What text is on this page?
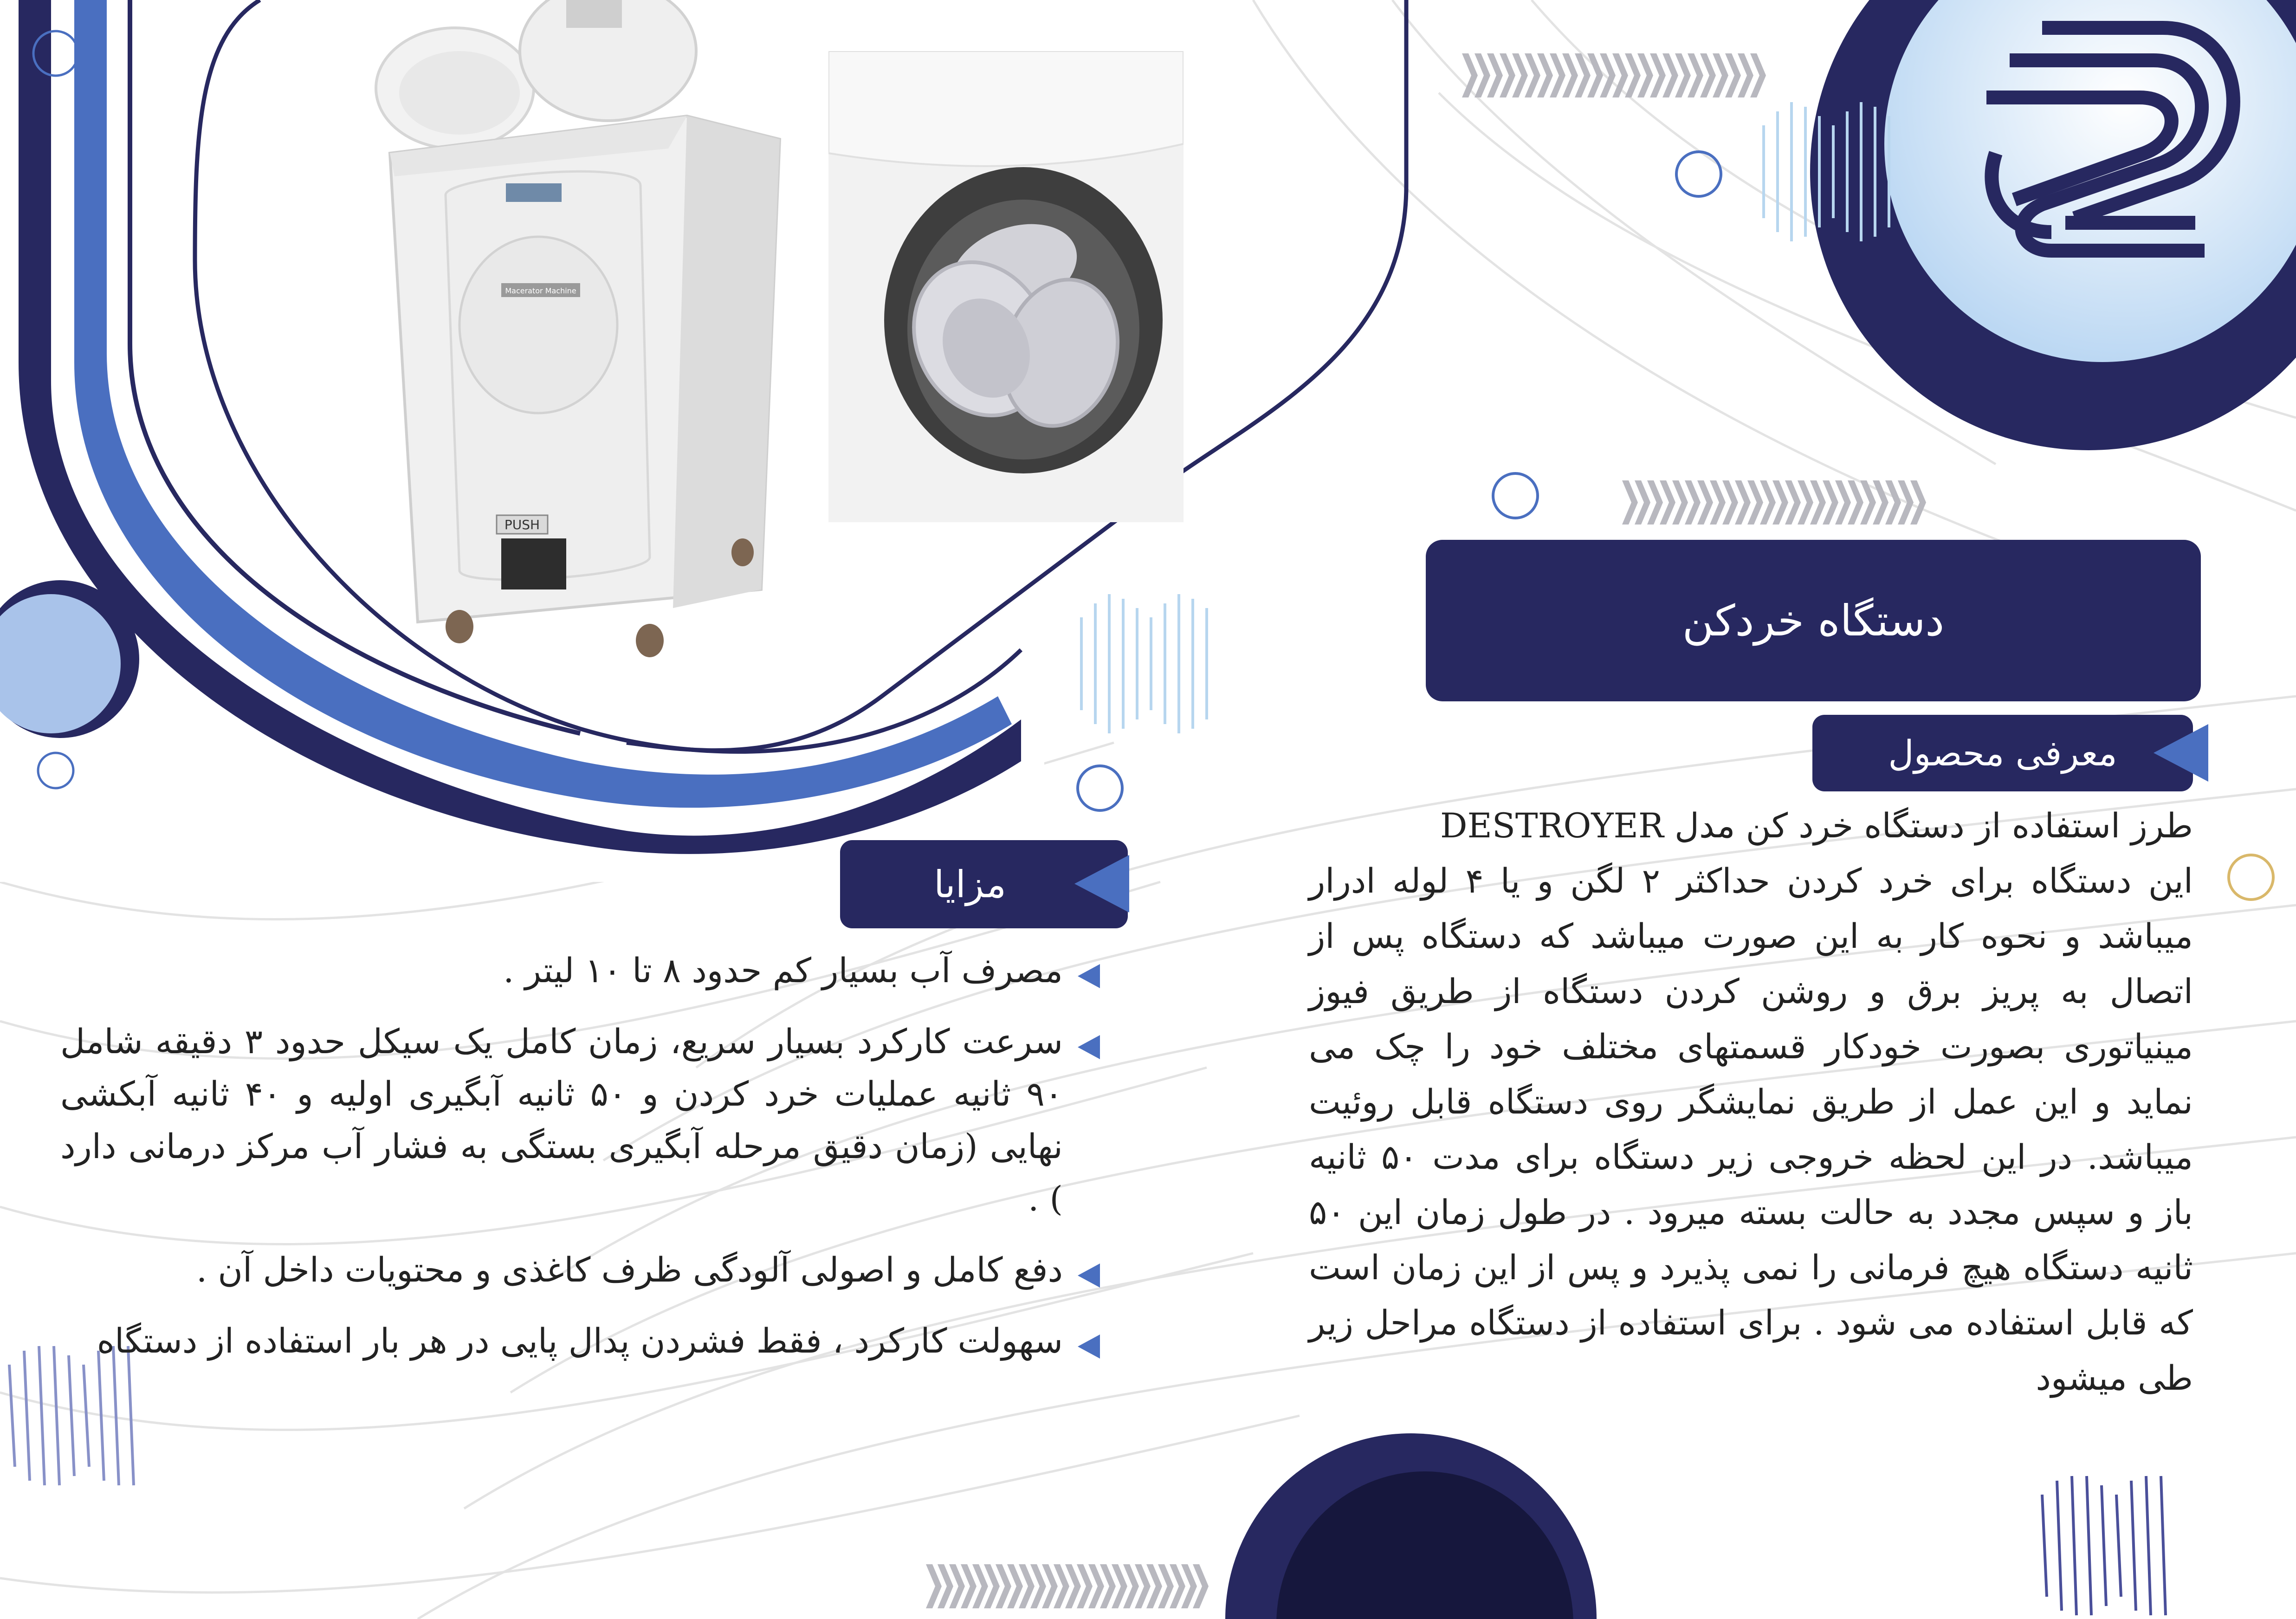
Macerator Machine
PUSH
دستگاه خردکن
معرفی محصول

طرز استفاده از دستگاه خرد کن مدل DESTROYER

این دستگاه برای خرد کردن حداکثر ۲ لگن و یا ۴ لوله ادرار میباشد و نحوه کار به این صورت میباشد که دستگاه پس از اتصال به پریز برق و روشن کردن دستگاه از طریق فیوز مینیاتوری بصورت خودکار قسمتهای مختلف خود را چک می نماید و این عمل از طریق نمایشگر روی دستگاه قابل روئیت میباشد. در این لحظه خروجی زیر دستگاه برای مدت ۵۰ ثانیه باز و سپس مجدد به حالت بسته میرود . در طول زمان این ۵۰ ثانیه دستگاه هیچ فرمانی را نمی پذیرد و پس از این زمان است که قابل استفاده می شود . برای استفاده از دستگاه مراحل زیر طی میشود

مزایا
مصرف آب بسیار کم حدود ۸ تا ۱۰ لیتر .
سرعت کارکرد بسیار سریع، زمان کامل یک سیکل حدود ۳ دقیقه شامل ۹۰ ثانیه عملیات خرد کردن و ۵۰ ثانیه آبگیری اولیه و ۴۰ ثانیه آبکشی نهایی (زمان دقیق مرحله آبگیری بستگی به فشار آب مرکز درمانی دارد ) .
دفع کامل و اصولی آلودگی ظرف کاغذی و محتویات داخل آن .
سهولت کارکرد ، فقط فشردن پدال پایی در هر بار استفاده از دستگاه
